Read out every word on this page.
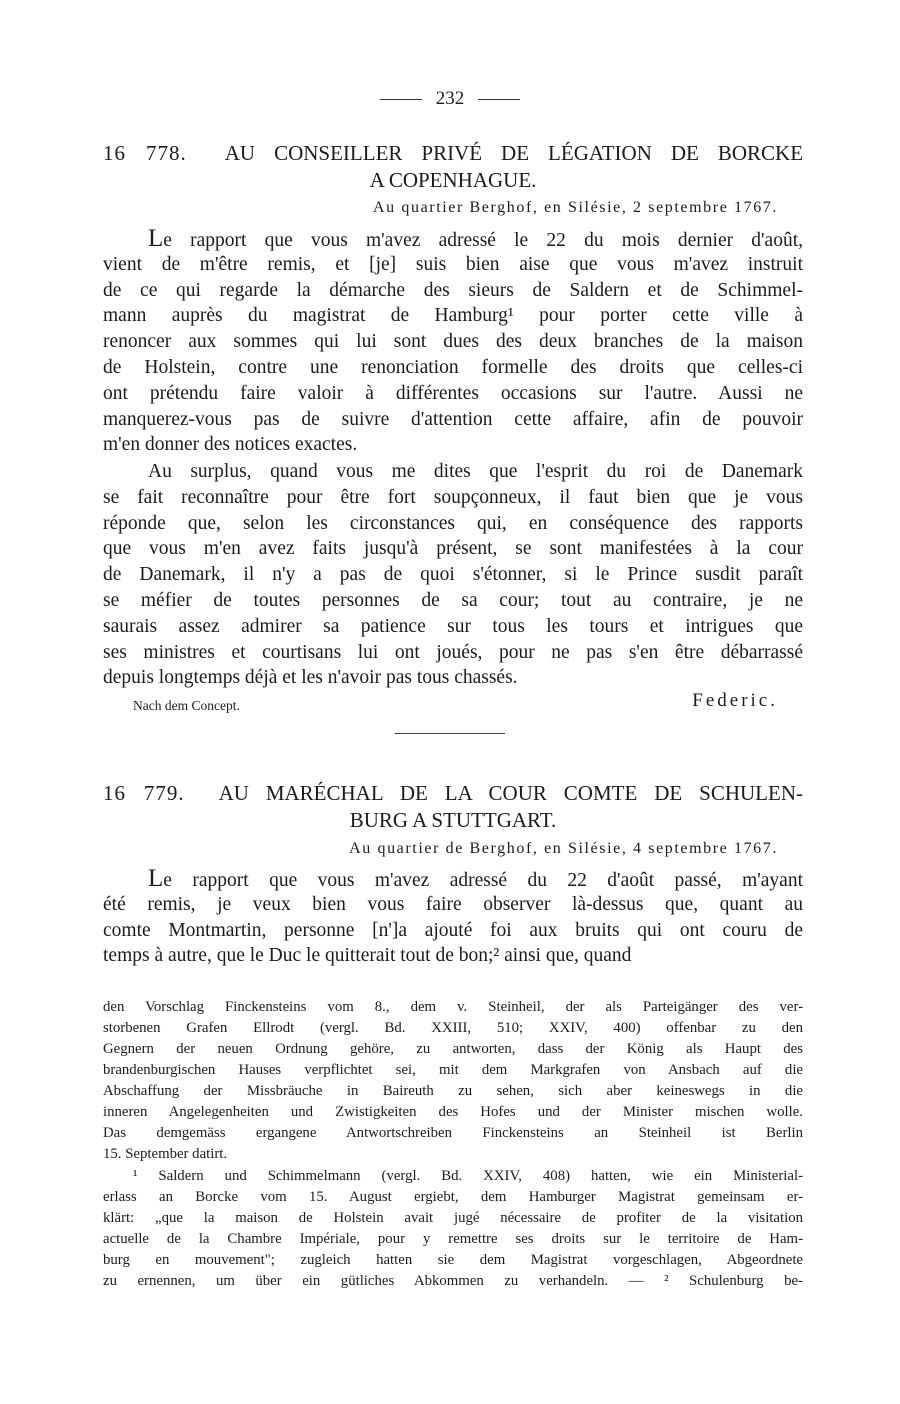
232
16 778. AU CONSEILLER PRIVÉ DE LÉGATION DE BORCKE
A COPENHAGUE.
Au quartier Berghof, en Silésie, 2 septembre 1767.
Le rapport que vous m'avez adressé le 22 du mois dernier d'août,
vient de m'être remis, et [je] suis bien aise que vous m'avez instruit
de ce qui regarde la démarche des sieurs de Saldern et de Schimmel-
mann auprès du magistrat de Hamburg¹ pour porter cette ville à
renoncer aux sommes qui lui sont dues des deux branches de la maison
de Holstein, contre une renonciation formelle des droits que celles-ci
ont prétendu faire valoir à différentes occasions sur l'autre. Aussi ne
manquerez-vous pas de suivre d'attention cette affaire, afin de pouvoir
m'en donner des notices exactes.
Au surplus, quand vous me dites que l'esprit du roi de Danemark
se fait reconnaître pour être fort soupçonneux, il faut bien que je vous
réponde que, selon les circonstances qui, en conséquence des rapports
que vous m'en avez faits jusqu'à présent, se sont manifestées à la cour
de Danemark, il n'y a pas de quoi s'étonner, si le Prince susdit paraît
se méfier de toutes personnes de sa cour; tout au contraire, je ne
saurais assez admirer sa patience sur tous les tours et intrigues que
ses ministres et courtisans lui ont joués, pour ne pas s'en être débarrassé
depuis longtemps déjà et les n'avoir pas tous chassés.
Nach dem Concept.	Federic.
16 779. AU MARÉCHAL DE LA COUR COMTE DE SCHULEN-
BURG A STUTTGART.
Au quartier de Berghof, en Silésie, 4 septembre 1767.
Le rapport que vous m'avez adressé du 22 d'août passé, m'ayant
été remis, je veux bien vous faire observer là-dessus que, quant au
comte Montmartin, personne [n']a ajouté foi aux bruits qui ont couru de
temps à autre, que le Duc le quitterait tout de bon;² ainsi que, quand
den Vorschlag Finckensteins vom 8., dem v. Steinheil, der als Parteigänger des ver-
storbenen Grafen Ellrodt (vergl. Bd. XXIII, 510; XXIV, 400) offenbar zu den
Gegnern der neuen Ordnung gehöre, zu antworten, dass der König als Haupt des
brandenburgischen Hauses verpflichtet sei, mit dem Markgrafen von Ansbach auf die
Abschaffung der Missbräuche in Baireuth zu sehen, sich aber keineswegs in die
inneren Angelegenheiten und Zwistigkeiten des Hofes und der Minister mischen wolle.
Das demgemäss ergangene Antwortschreiben Finckensteins an Steinheil ist Berlin
15. September datirt.
¹ Saldern und Schimmelmann (vergl. Bd. XXIV, 408) hatten, wie ein Ministerial-
erlass an Borcke vom 15. August ergiebt, dem Hamburger Magistrat gemeinsam er-
klärt: „que la maison de Holstein avait jugé nécessaire de profiter de la visitation
actuelle de la Chambre Impériale, pour y remettre ses droits sur le territoire de Ham-
burg en mouvement"; zugleich hatten sie dem Magistrat vorgeschlagen, Abgeordnete
zu ernennen, um über ein gütliches Abkommen zu verhandeln. — ² Schulenburg be-
